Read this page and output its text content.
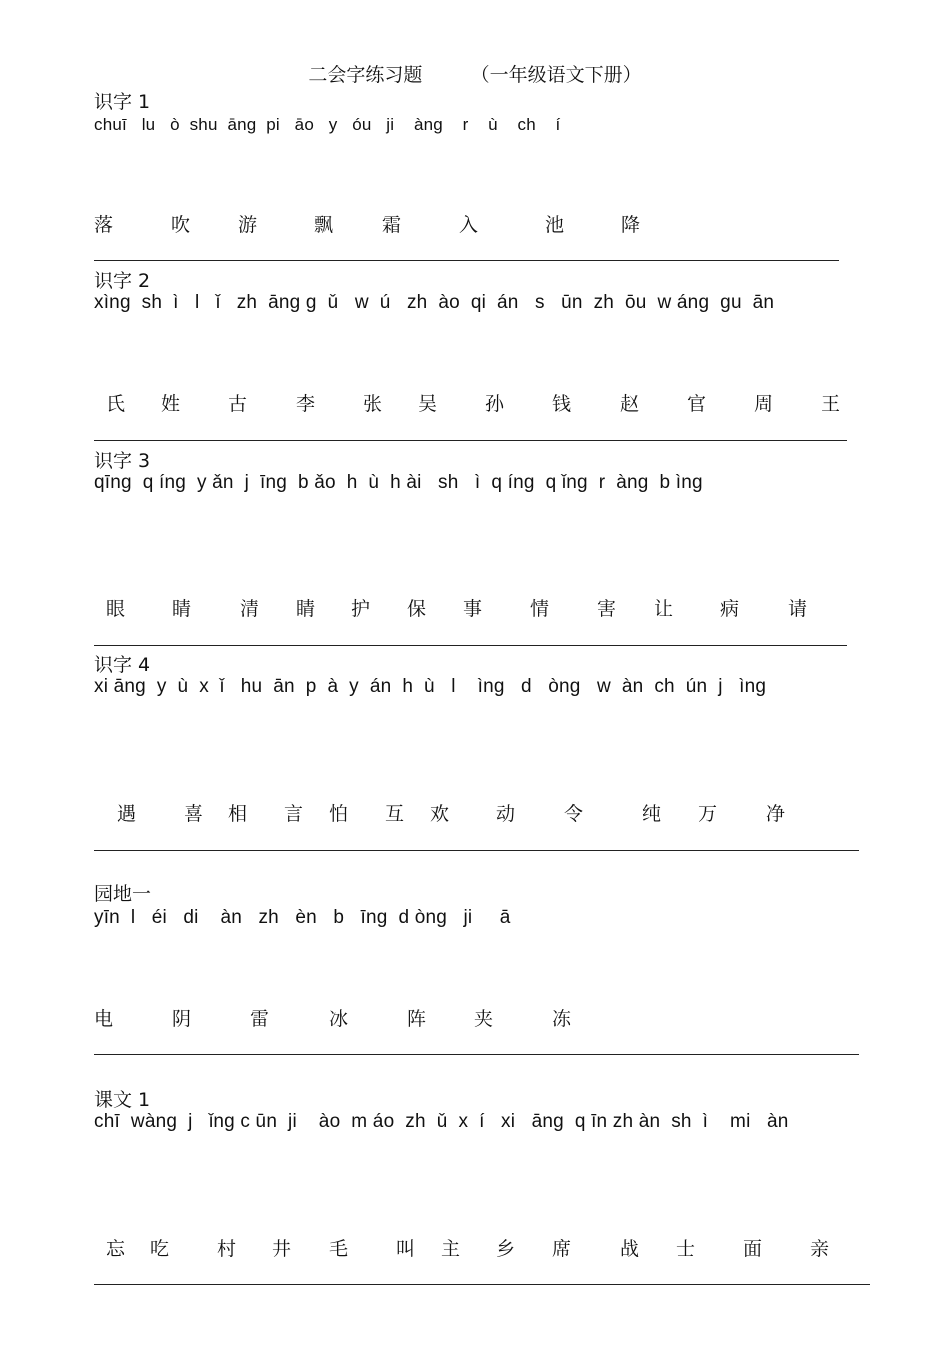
二会字练习题        （一年级语文下册）
识字 1
chuī   lu   ò  shu  āng  pi   āo   y   óu   ji    àng    r    ù    ch    í
落	吹	游	飘	霜	入	池	降
识字 2
xìng  sh  ì   l   ǐ   zh  āng g  ǔ   w  ú   zh  ào  qi  án   s   ūn  zh  ōu  w áng  gu  ān
氏 姓	古	李	张 吴	孙	钱	赵	官	周	王
识字 3
qīng  q íng  y ǎn  j  īng  b ǎo  h  ù  h ài   sh   ì  q íng  q ǐng  r  àng  b ìng
眼 睛	清 睛 护 保 事	情	害 让 病	请
识字 4
xi āng  y  ù  x  ǐ   hu  ān  p  à  y  án  h  ù   l    ìng   d   òng   w  àn  ch  ún  j   ìng
遇	喜 相 言 怕 互 欢 动	令	纯 万	净
园地一
yīn  l   éi   di    àn   zh   èn   b   īng  d òng   ji     ā
电	阴	雷	冰	阵	夹	冻
课文 1
chī  wàng  j   ǐng c ūn  ji    ào  m áo  zh  ǔ  x  í   xi   āng  q īn zh àn  sh  ì    mi   àn
忘 吃	村 井 毛	叫 主 乡 席	战 士	面	亲
